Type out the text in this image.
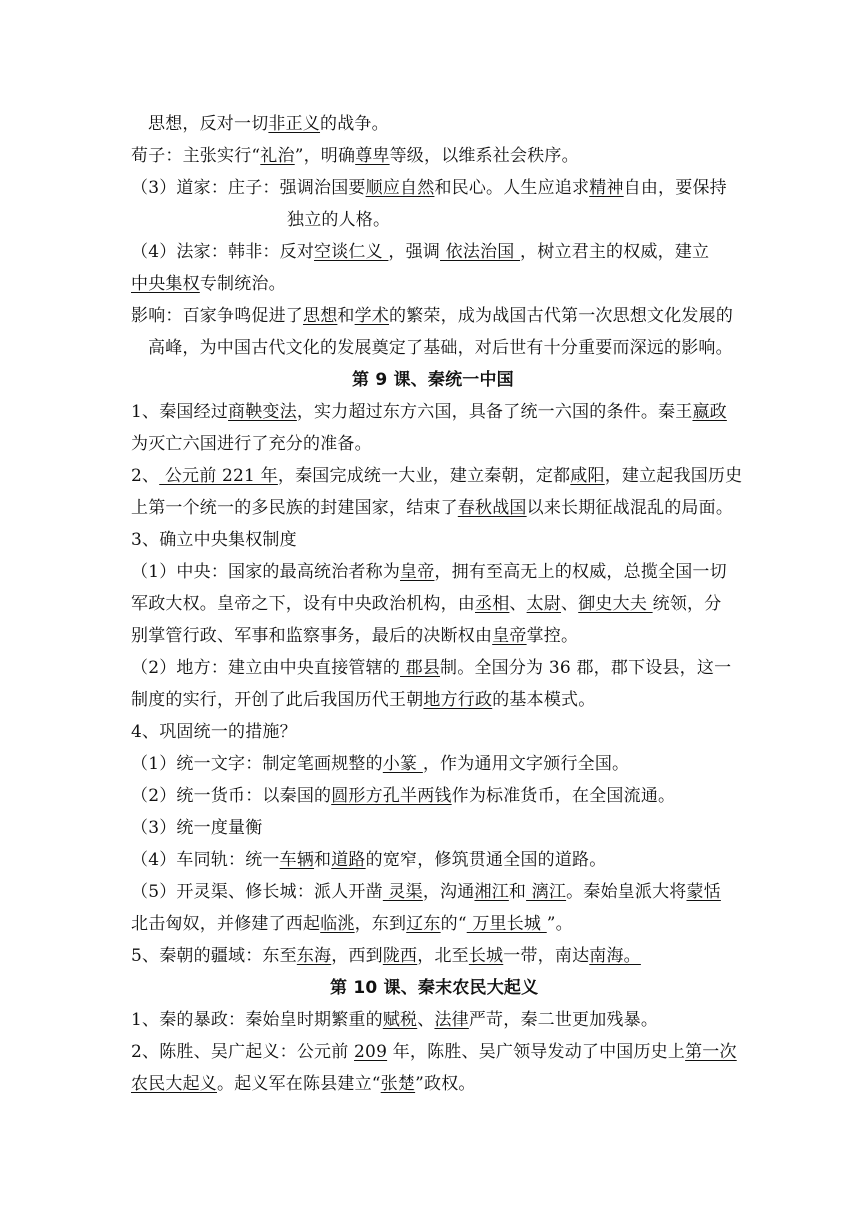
思想，反对一切非正义的战争。
荀子：主张实行“礼治”，明确尊卑等级，以维系社会秩序。
（3）道家：庄子：强调治国要顺应自然和民心。人生应追求精神自由，要保持
独立的人格。
（4）法家：韩非：反对空谈仁义 ，强调 依法治国 ，树立君主的权威，建立
中央集权专制统治。
影响：百家争鸣促进了思想和学术的繁荣，成为战国古代第一次思想文化发展的
高峰，为中国古代文化的发展奠定了基础，对后世有十分重要而深远的影响。
第 9 课、秦统一中国
1、秦国经过商鞅变法，实力超过东方六国，具备了统一六国的条件。秦王嬴政
为灭亡六国进行了充分的准备。
2、 公元前 221 年，秦国完成统一大业，建立秦朝，定都咸阳，建立起我国历史
上第一个统一的多民族的封建国家，结束了春秋战国以来长期征战混乱的局面。
3、确立中央集权制度
（1）中央：国家的最高统治者称为皇帝，拥有至高无上的权威，总揽全国一切
军政大权。皇帝之下，设有中央政治机构，由丞相、太尉、御史大夫 统领，分
别掌管行政、军事和监察事务，最后的决断权由皇帝掌控。
（2）地方：建立由中央直接管辖的 郡县制。全国分为 36 郡，郡下设县，这一
制度的实行，开创了此后我国历代王朝地方行政的基本模式。
4、巩固统一的措施？
（1）统一文字：制定笔画规整的小篆 ，作为通用文字颁行全国。
（2）统一货币：以秦国的圆形方孔半两钱作为标准货币，在全国流通。
（3）统一度量衡
（4）车同轨：统一车辆和道路的宽窄，修筑贯通全国的道路。
（5）开灵渠、修长城：派人开凿 灵渠，沟通湘江和 漓江。秦始皇派大将蒙恬
北击匈奴，并修建了西起临洮，东到辽东的“ 万里长城 ”。
5、秦朝的疆域：东至东海，西到陇西，北至长城一带，南达南海。
第 10 课、秦末农民大起义
1、秦的暴政：秦始皇时期繁重的赋税、法律严苛，秦二世更加残暴。
2、陈胜、吴广起义：公元前 209 年，陈胜、吴广领导发动了中国历史上第一次
农民大起义。起义军在陈县建立“张楚”政权。
